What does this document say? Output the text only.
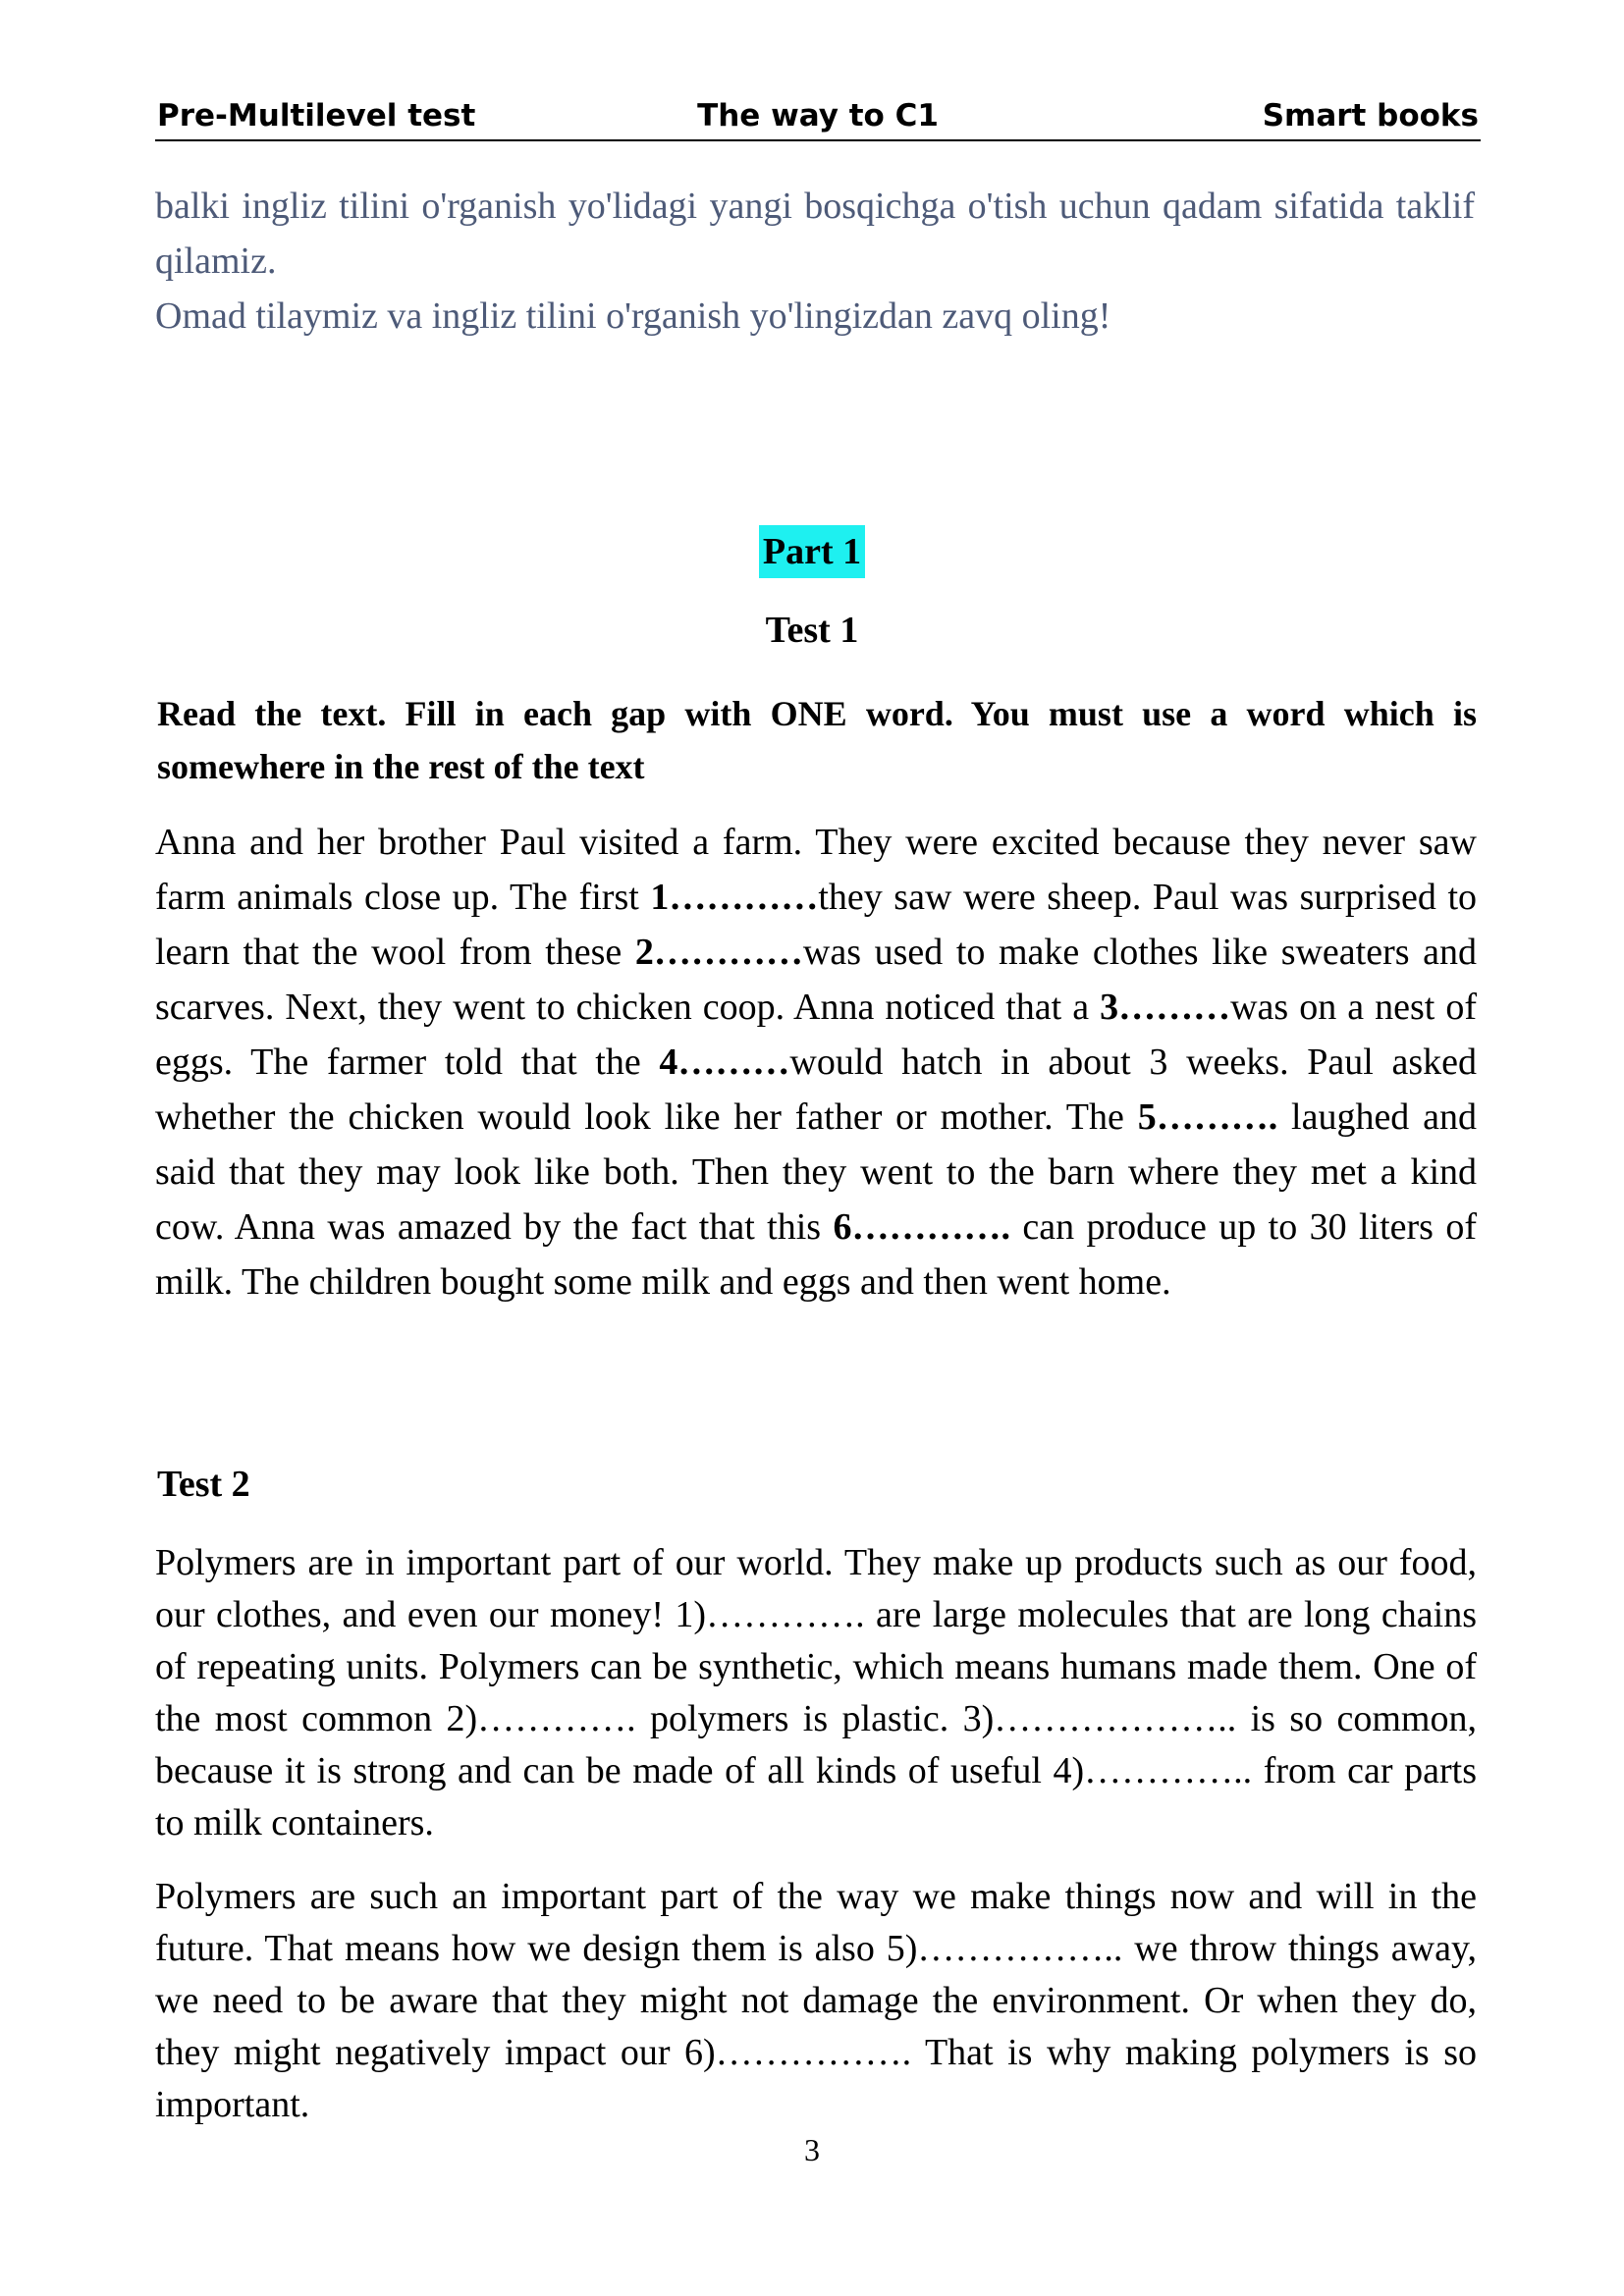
The way to C1
Pre-Multilevel test	Smart books

balki ingliz tilini o'rganish yo'lidagi yangi bosqichga o'tish uchun qadam sifatida taklif qilamiz.

Omad tilaymiz va ingliz tilini o'rganish yo'lingizdan zavq oling!

Part 1
Test 1

Read the text. Fill in each gap with ONE word. You must use a word which is somewhere in the rest of the text

Anna and her brother Paul visited a farm. They were excited because they never saw farm animals close up. The first 1…………they saw were sheep. Paul was surprised to learn that the wool from these 2…………was used to make clothes like sweaters and scarves. Next, they went to chicken coop. Anna noticed that a 3………was on a nest of eggs. The farmer told that the 4………would hatch in about 3 weeks. Paul asked whether the chicken would look like her father or mother. The 5………. laughed and said that they may look like both. Then they went to the barn where they met a kind cow. Anna was amazed by the fact that this 6…………. can produce up to 30 liters of milk. The children bought some milk and eggs and then went home.

Test 2

Polymers are in important part of our world. They make up products such as our food, our clothes, and even our money! 1)…………. are large molecules that are long chains of repeating units. Polymers can be synthetic, which means humans made them. One of the most common 2)…………. polymers is plastic. 3)……………….. is so common, because it is strong and can be made of all kinds of useful 4)………….. from car parts to milk containers.

Polymers are such an important part of the way we make things now and will in the future. That means how we design them is also 5)…………….. we throw things away, we need to be aware that they might not damage the environment. Or when they do, they might negatively impact our 6)……………. That is why making polymers is so important.

3
